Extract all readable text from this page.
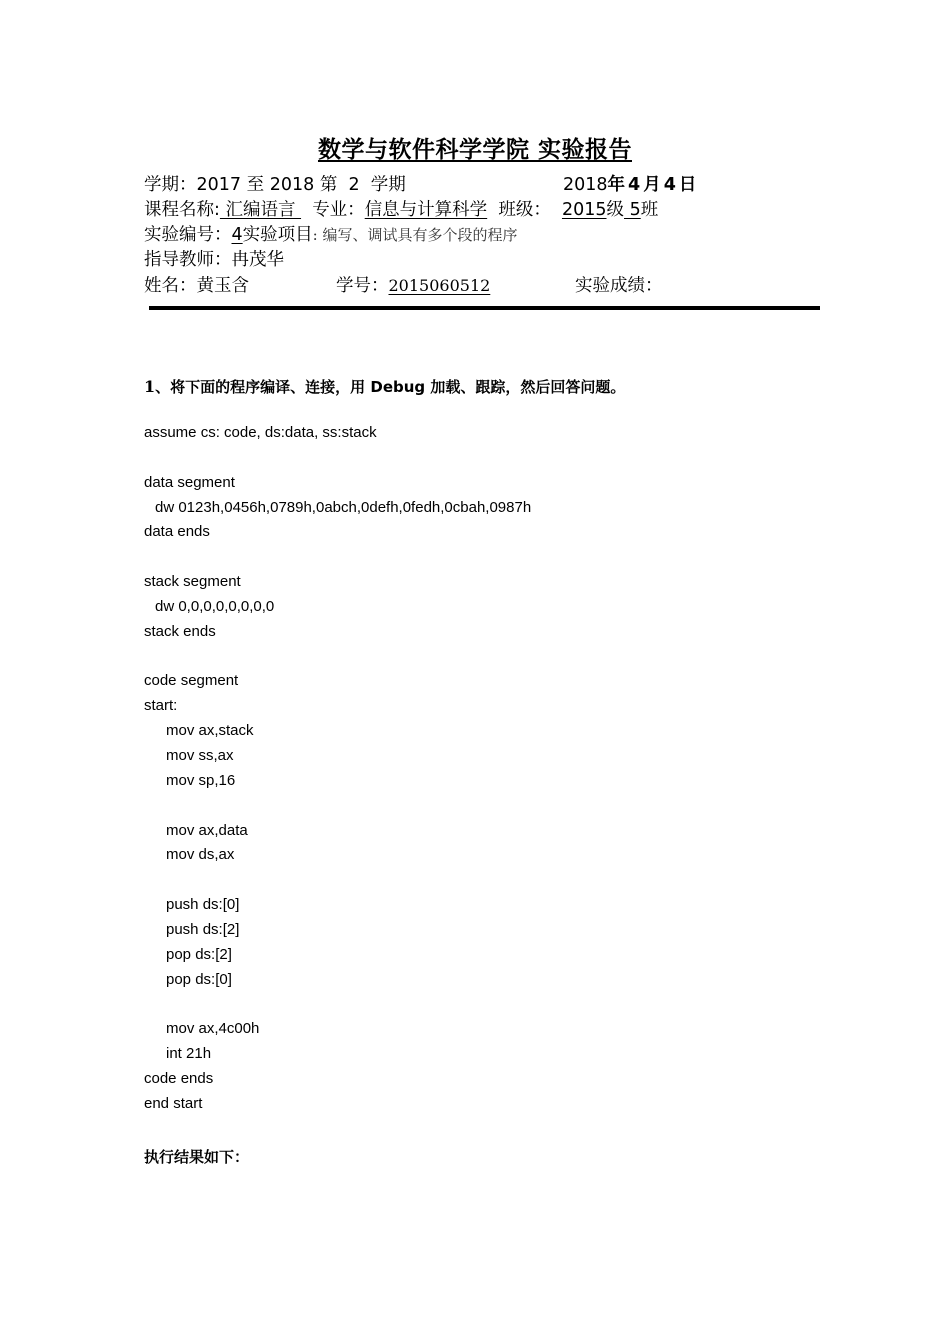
数学与软件科学学院 实验报告
学期：2017 至 2018 第 2 学期	2018年 4 月 4 日
课程名称: 汇编语言   专业：信息与计算科学 班级： 2015级 5班
实验编号：4实验项目: 编写、调试具有多个段的程序
指导教师：冉茂华
姓名：黄玉含	学号：2015060512	实验成绩：
1、将下面的程序编译、连接，用 Debug 加载、跟踪，然后回答问题。
assume cs: code, ds:data, ss:stack
data segment
dw 0123h,0456h,0789h,0abch,0defh,0fedh,0cbah,0987h
data ends
stack segment
dw 0,0,0,0,0,0,0,0
stack ends
code segment
start:
mov ax,stack
mov ss,ax
mov sp,16
mov ax,data
mov ds,ax
push ds:[0]
push ds:[2]
pop ds:[2]
pop ds:[0]
mov ax,4c00h
int 21h
code ends
end start
执行结果如下：
